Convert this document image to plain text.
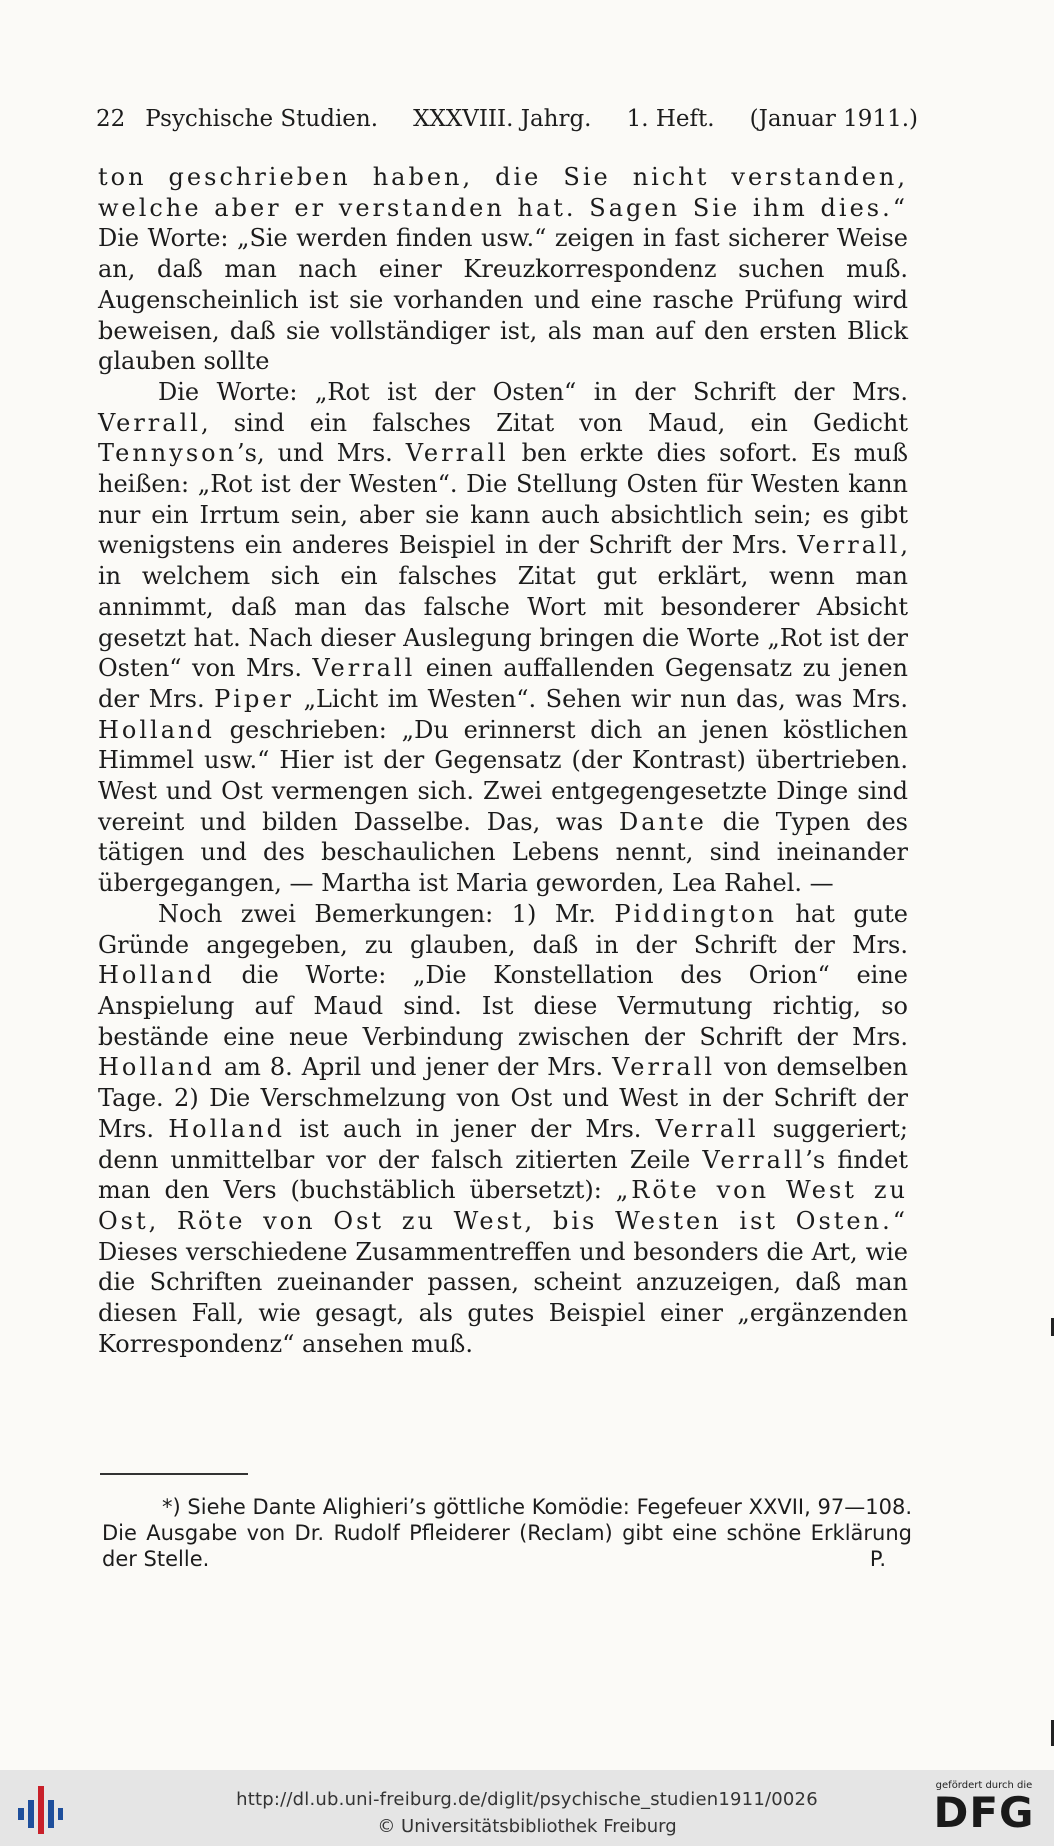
22 Psychische Studien. XXXVIII. Jahrg. 1. Heft. (Januar 1911.)

ton geschrieben haben, die Sie nicht verstanden, welche aber er verstanden hat. Sagen Sie ihm dies.“ Die Worte: „Sie werden finden usw.“ zeigen in fast sicherer Weise an, daß man nach einer Kreuzkorrespondenz suchen muß. Augenscheinlich ist sie vorhanden und eine rasche Prüfung wird beweisen, daß sie vollständiger ist, als man auf den ersten Blick glauben sollte

Die Worte: „Rot ist der Osten“ in der Schrift der Mrs. Verrall, sind ein falsches Zitat von Maud, ein Gedicht Tennyson’s, und Mrs. Verrall ben erkte dies sofort. Es muß heißen: „Rot ist der Westen“. Die Stellung Osten für Westen kann nur ein Irrtum sein, aber sie kann auch absichtlich sein; es gibt wenigstens ein anderes Beispiel in der Schrift der Mrs. Verrall, in welchem sich ein falsches Zitat gut erklärt, wenn man annimmt, daß man das falsche Wort mit besonderer Absicht gesetzt hat. Nach dieser Auslegung bringen die Worte „Rot ist der Osten“ von Mrs. Verrall einen auffallenden Gegensatz zu jenen der Mrs. Piper „Licht im Westen“. Sehen wir nun das, was Mrs. Holland geschrieben: „Du erinnerst dich an jenen köstlichen Himmel usw.“ Hier ist der Gegensatz (der Kontrast) übertrieben. West und Ost vermengen sich. Zwei entgegengesetzte Dinge sind vereint und bilden Dasselbe. Das, was Dante die Typen des tätigen und des beschaulichen Lebens nennt, sind ineinander übergegangen, — Martha ist Maria geworden, Lea Rahel. —

Noch zwei Bemerkungen: 1) Mr. Piddington hat gute Gründe angegeben, zu glauben, daß in der Schrift der Mrs. Holland die Worte: „Die Konstellation des Orion“ eine Anspielung auf Maud sind. Ist diese Vermutung richtig, so bestände eine neue Verbindung zwischen der Schrift der Mrs. Holland am 8. April und jener der Mrs. Verrall von demselben Tage. 2) Die Verschmelzung von Ost und West in der Schrift der Mrs. Holland ist auch in jener der Mrs. Verrall suggeriert; denn unmittelbar vor der falsch zitierten Zeile Verrall’s findet man den Vers (buchstäblich übersetzt): „Röte von West zu Ost, Röte von Ost zu West, bis Westen ist Osten.“ Dieses verschiedene Zusammentreffen und besonders die Art, wie die Schriften zueinander passen, scheint anzuzeigen, daß man diesen Fall, wie gesagt, als gutes Beispiel einer „ergänzenden Korrespondenz“ ansehen muß.

*) Siehe Dante Alighieri’s göttliche Komödie: Fegefeuer XXVII, 97—108. Die Ausgabe von Dr. Rudolf Pfleiderer (Reclam) gibt eine schöne Erklärung der Stelle.	P.
http://dl.ub.uni-freiburg.de/diglit/psychische_studien1911/0026
© Universitätsbibliothek Freiburg
gefördert durch die
DFG
